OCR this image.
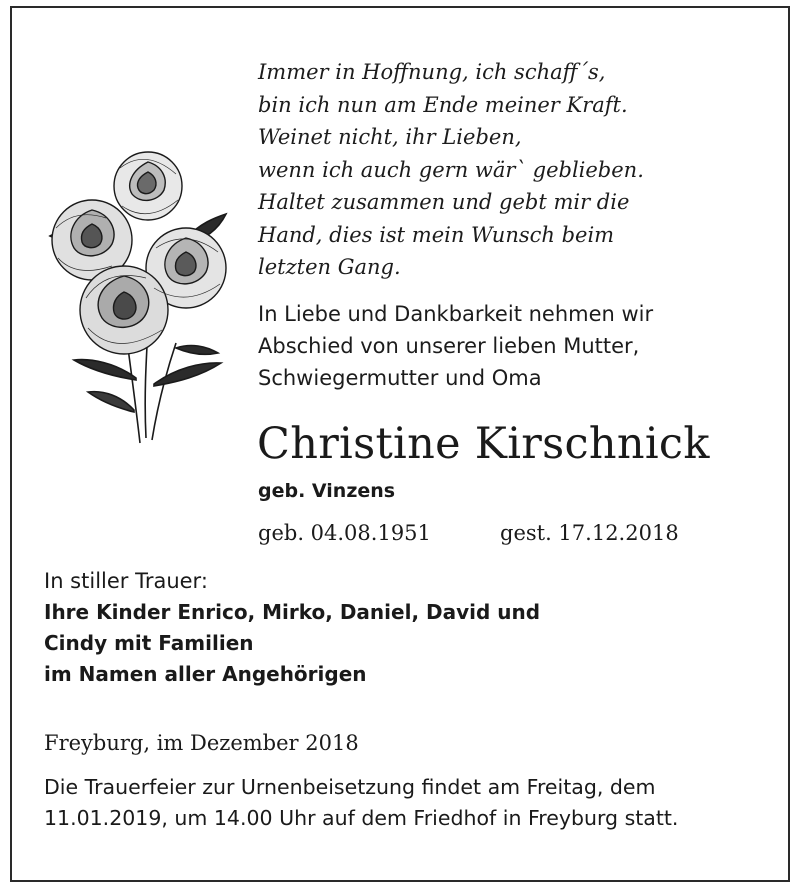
Immer in Hoffnung, ich schaff´s,
bin ich nun am Ende meiner Kraft.
Weinet nicht, ihr Lieben,
wenn ich auch gern wär` geblieben.
Haltet zusammen und gebt mir die
Hand, dies ist mein Wunsch beim
letzten Gang.
In Liebe und Dankbarkeit nehmen wir
Abschied von unserer lieben Mutter,
Schwiegermutter und Oma
Christine Kirschnick
geb. Vinzens
geb. 04.08.1951	gest. 17.12.2018
In stiller Trauer:
Ihre Kinder Enrico, Mirko, Daniel, David und
Cindy mit Familien
im Namen aller Angehörigen
Freyburg, im Dezember 2018
Die Trauerfeier zur Urnenbeisetzung findet am Freitag, dem
11.01.2019, um 14.00 Uhr auf dem Friedhof in Freyburg statt.
